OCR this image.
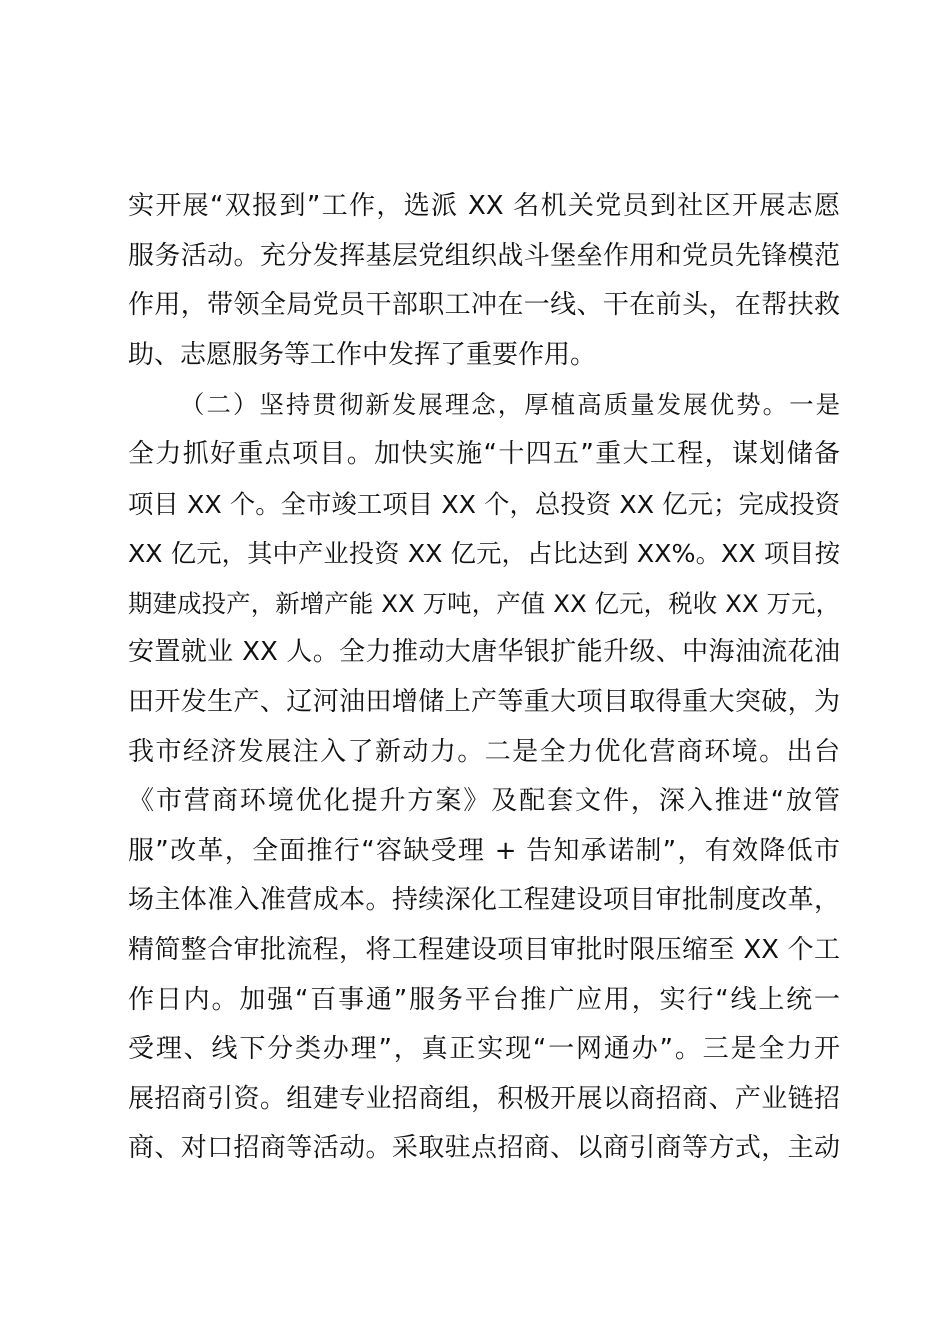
实开展“双报到”工作，选派 XX 名机关党员到社区开展志愿
服务活动。充分发挥基层党组织战斗堡垒作用和党员先锋模范
作用，带领全局党员干部职工冲在一线、干在前头，在帮扶救
助、志愿服务等工作中发挥了重要作用。
（二）坚持贯彻新发展理念，厚植高质量发展优势。一是
全力抓好重点项目。加快实施“十四五”重大工程，谋划储备
项目 XX 个。全市竣工项目 XX 个，总投资 XX 亿元；完成投资
XX 亿元，其中产业投资 XX 亿元，占比达到 XX%。XX 项目按
期建成投产，新增产能 XX 万吨，产值 XX 亿元，税收 XX 万元，
安置就业 XX 人。全力推动大唐华银扩能升级、中海油流花油
田开发生产、辽河油田增储上产等重大项目取得重大突破，为
我市经济发展注入了新动力。二是全力优化营商环境。出台
《市营商环境优化提升方案》及配套文件，深入推进“放管
服”改革，全面推行“容缺受理 + 告知承诺制”，有效降低市
场主体准入准营成本。持续深化工程建设项目审批制度改革，
精简整合审批流程，将工程建设项目审批时限压缩至 XX 个工
作日内。加强“百事通”服务平台推广应用，实行“线上统一
受理、线下分类办理”，真正实现“一网通办”。三是全力开
展招商引资。组建专业招商组，积极开展以商招商、产业链招
商、对口招商等活动。采取驻点招商、以商引商等方式，主动
